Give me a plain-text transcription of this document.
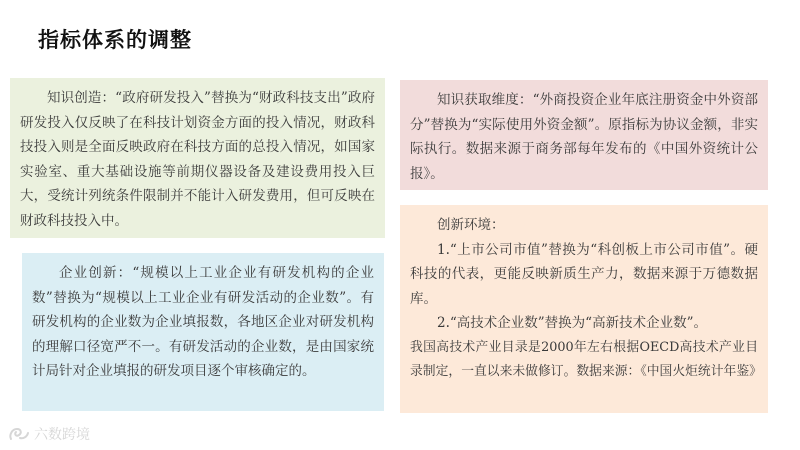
指标体系的调整

知识创造：“政府研发投入”替换为“财政科技支出”政府研发投入仅反映了在科技计划资金方面的投入情况，财政科技投入则是全面反映政府在科技方面的总投入情况，如国家实验室、重大基础设施等前期仪器设备及建设费用投入巨大，受统计列统条件限制并不能计入研发费用，但可反映在财政科技投入中。

知识获取维度：“外商投资企业年底注册资金中外资部分”替换为“实际使用外资金额”。原指标为协议金额，非实际执行。数据来源于商务部每年发布的《中国外资统计公报》。

企业创新：“规模以上工业企业有研发机构的企业数”替换为“规模以上工业企业有研发活动的企业数”。有研发机构的企业数为企业填报数，各地区企业对研发机构的理解口径宽严不一。有研发活动的企业数，是由国家统计局针对企业填报的研发项目逐个审核确定的。

创新环境：

1.“上市公司市值”替换为“科创板上市公司市值”。硬科技的代表，更能反映新质生产力，数据来源于万德数据库。

2.“高技术企业数”替换为“高新技术企业数”。

我国高技术产业目录是2000年左右根据OECD高技术产业目录制定，一直以来未做修订。数据来源：《中国火炬统计年鉴》

六数跨境
